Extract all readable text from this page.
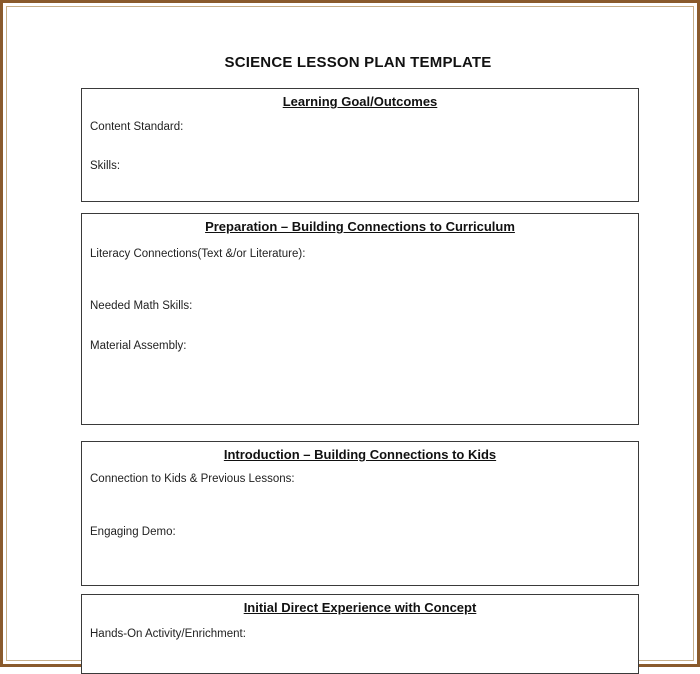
SCIENCE LESSON PLAN TEMPLATE
Learning Goal/Outcomes
Content Standard:
Skills:
Preparation – Building Connections to Curriculum
Literacy Connections(Text &/or Literature):
Needed Math Skills:
Material Assembly:
Introduction – Building Connections to Kids
Connection to Kids & Previous Lessons:
Engaging Demo:
Initial Direct Experience with Concept
Hands-On Activity/Enrichment:
